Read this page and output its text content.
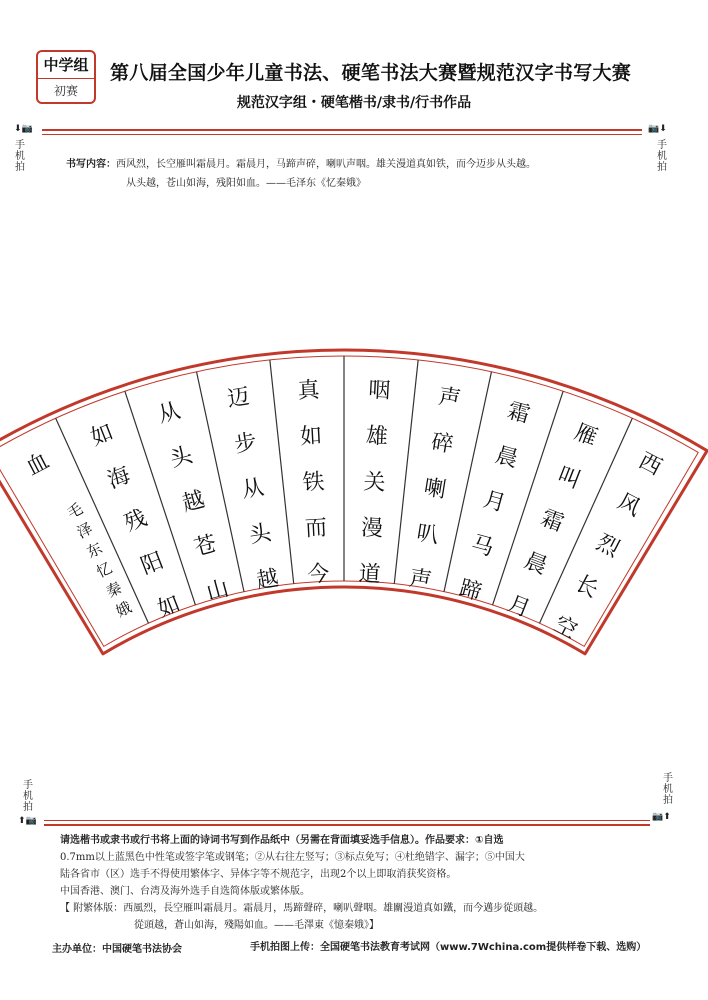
中学组
初赛
第八届全国少年儿童书法、硬笔书法大赛暨规范汉字书写大赛
规范汉字组・硬笔楷书/隶书/行书作品
⬇📷	📷⬇
手
机
拍
手
机
拍
书写内容：西风烈，长空雁叫霜晨月。霜晨月，马蹄声碎，喇叭声咽。雄关漫道真如铁，而今迈步从头越。
从头越，苍山如海，残阳如血。——毛泽东《忆秦娥》
西
风
烈
长
空
雁
叫
霜
晨
月
霜
晨
月
马
蹄
声
碎
喇
叭
声
咽
雄
关
漫
道
真
如
铁
而
今
迈
步
从
头
越
从
头
越
苍
山
如
海
残
阳
如
血
毛
泽
东
忆
秦
娥
手
机
拍
手
机
拍
⬆📷	📷⬆
请选楷书或隶书或行书将上面的诗词书写到作品纸中（另需在背面填妥选手信息）。作品要求：①自选
0.7mm以上蓝黑色中性笔或签字笔或钢笔；②从右往左竖写；③标点免写；④杜绝错字、漏字；⑤中国大
陆各省市（区）选手不得使用繁体字、异体字等不规范字，出现2个以上即取消获奖资格。
中国香港、澳门、台湾及海外选手自选简体版或繁体版。
【 附繁体版：西風烈，長空雁叫霜晨月。霜晨月，馬蹄聲碎，喇叭聲咽。雄關漫道真如鐵，而今邁步從頭越。
從頭越，蒼山如海，殘陽如血。——毛澤東《憶秦娥》】
主办单位：中国硬笔书法协会	手机拍图上传：全国硬笔书法教育考试网（www.7Wchina.com提供样卷下载、选购）
